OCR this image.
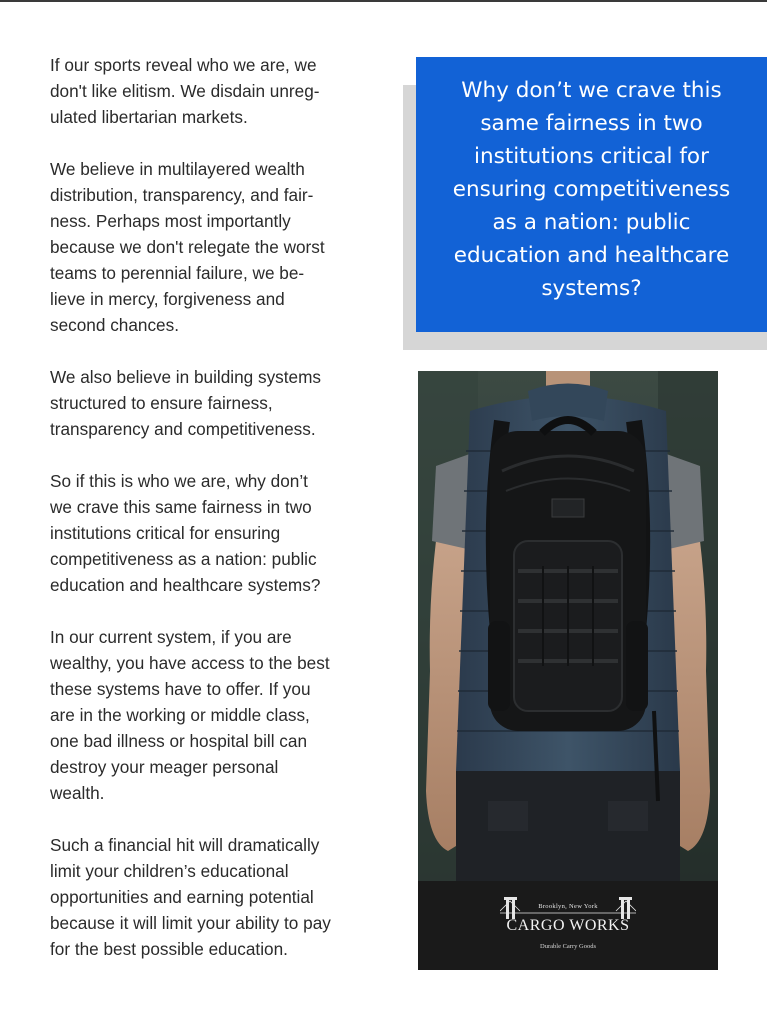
If our sports reveal who we are, we
don't like elitism. We disdain unreg-
ulated libertarian markets.

We believe in multilayered wealth
distribution, transparency, and fair-
ness. Perhaps most importantly
because we don't relegate the worst
teams to perennial failure, we be-
lieve in mercy, forgiveness and
second chances.

We also believe in building systems
structured to ensure fairness,
transparency and competitiveness.

So if this is who we are, why don’t
we crave this same fairness in two
institutions critical for ensuring
competitiveness as a nation: public
education and healthcare systems?

In our current system, if you are
wealthy, you have access to the best
these systems have to offer. If you
are in the working or middle class,
one bad illness or hospital bill can
destroy your meager personal
wealth.

Such a financial hit will dramatically
limit your children’s educational
opportunities and earning potential
because it will limit your ability to pay
for the best possible education.

Why don’t we crave this
same fairness in two
institutions critical for
ensuring competitiveness
as a nation: public
education and healthcare
systems?
Brooklyn, New York
CARGO WORKS
Durable Carry Goods
